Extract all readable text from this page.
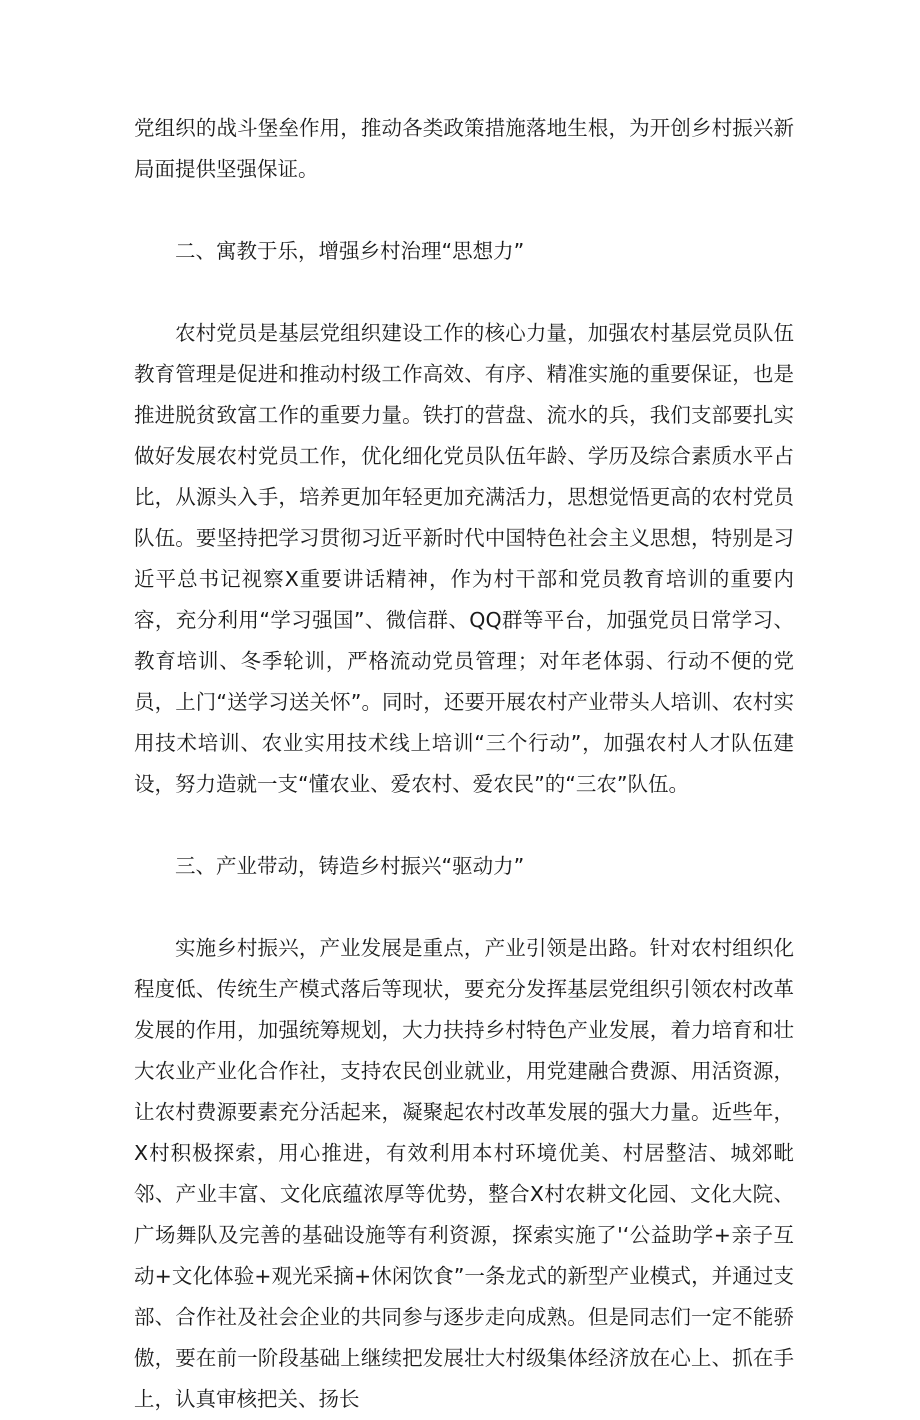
党组织的战斗堡垒作用，推动各类政策措施落地生根，为开创乡村振兴新局面提供坚强保证。

二、寓教于乐，增强乡村治理“思想力”

农村党员是基层党组织建设工作的核心力量，加强农村基层党员队伍教育管理是促进和推动村级工作高效、有序、精准实施的重要保证，也是推进脱贫致富工作的重要力量。铁打的营盘、流水的兵，我们支部要扎实做好发展农村党员工作，优化细化党员队伍年龄、学历及综合素质水平占比，从源头入手，培养更加年轻更加充满活力，思想觉悟更高的农村党员队伍。要坚持把学习贯彻习近平新时代中国特色社会主义思想，特别是习近平总书记视察X重要讲话精神，作为村干部和党员教育培训的重要内容，充分利用“学习强国”、微信群、QQ群等平台，加强党员日常学习、教育培训、冬季轮训，严格流动党员管理；对年老体弱、行动不便的党员，上门“送学习送关怀”。同时，还要开展农村产业带头人培训、农村实用技术培训、农业实用技术线上培训“三个行动”，加强农村人才队伍建设，努力造就一支“懂农业、爱农村、爱农民”的“三农”队伍。

三、产业带动，铸造乡村振兴“驱动力”

实施乡村振兴，产业发展是重点，产业引领是出路。针对农村组织化程度低、传统生产模式落后等现状，要充分发挥基层党组织引领农村改革发展的作用，加强统筹规划，大力扶持乡村特色产业发展，着力培育和壮大农业产业化合作社，支持农民创业就业，用党建融合费源、用活资源，让农村费源要素充分活起来，凝聚起农村改革发展的强大力量。近些年，X村积极探索，用心推进，有效利用本村环境优美、村居整洁、城郊毗邻、产业丰富、文化底蕴浓厚等优势，整合X村农耕文化园、文化大院、广场舞队及完善的基础设施等有利资源，探索实施了'‘公益助学+亲子互动+文化体验+观光采摘+休闲饮食”一条龙式的新型产业模式，并通过支部、合作社及社会企业的共同参与逐步走向成熟。但是同志们一定不能骄傲，要在前一阶段基础上继续把发展壮大村级集体经济放在心上、抓在手上，认真审核把关、扬长
